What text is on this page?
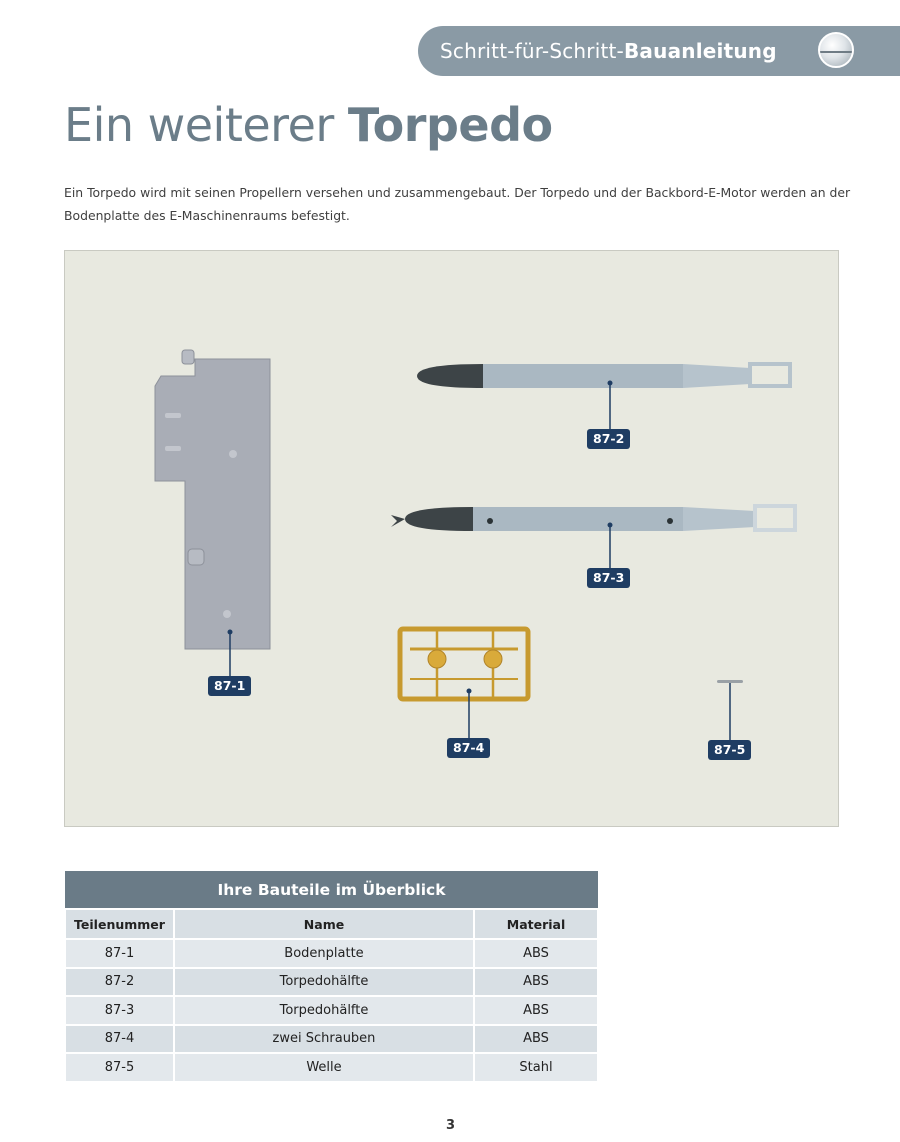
Schritt-für-Schritt-Bauanleitung
Ein weiterer Torpedo

Ein Torpedo wird mit seinen Propellern versehen und zusammengebaut. Der Torpedo und der Backbord-E-Motor werden an der Bodenplatte des E-Maschinenraums befestigt.

87-1
87-2
87-3
87-4	87-5
Ihre Bauteile im Überblick		
Teilenummer	Name	Material
87-1	Bodenplatte	ABS
87-2	Torpedohälfte	ABS
87-3	Torpedohälfte	ABS
87-4	zwei Schrauben	ABS
87-5	Welle	Stahl
3
